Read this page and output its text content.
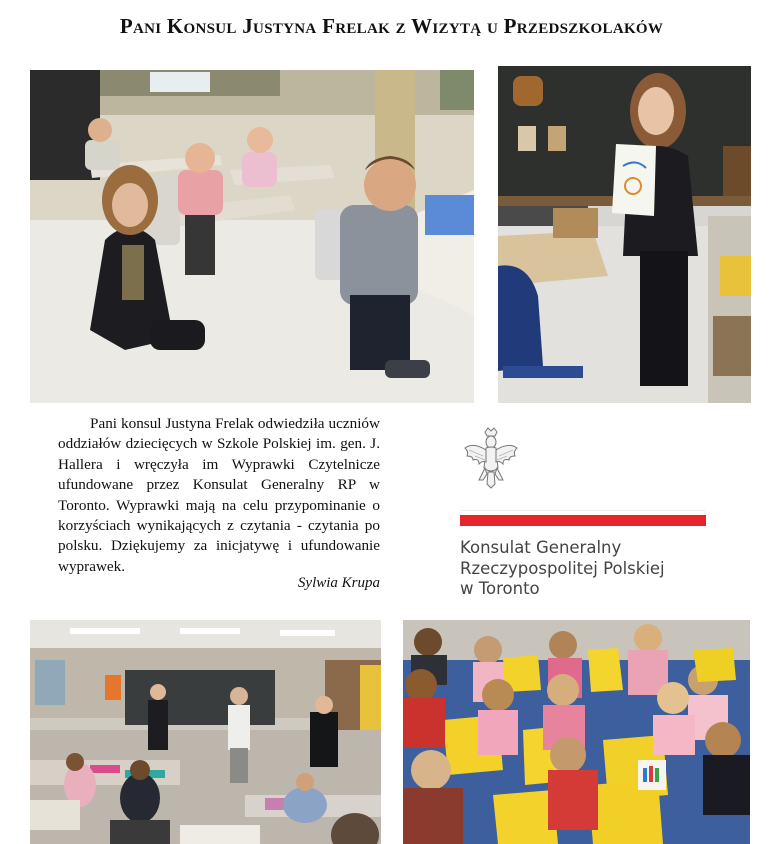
Pani Konsul Justyna Frelak z Wizytą u Przedszkolaków

Pani konsul Justyna Frelak odwiedziła uczniów oddziałów dziecięcych w Szkole Polskiej im. gen. J. Hallera i wręczyła im Wyprawki Czytelnicze ufundowane przez Konsulat Generalny RP w Toronto. Wyprawki mają na celu przypominanie o korzyściach wynikających z czytania - czytania po polsku. Dziękujemy za inicjatywę i ufundowanie wyprawek.

Sylwia Krupa
Konsulat Generalny
Rzeczypospolitej Polskiej
w Toronto
